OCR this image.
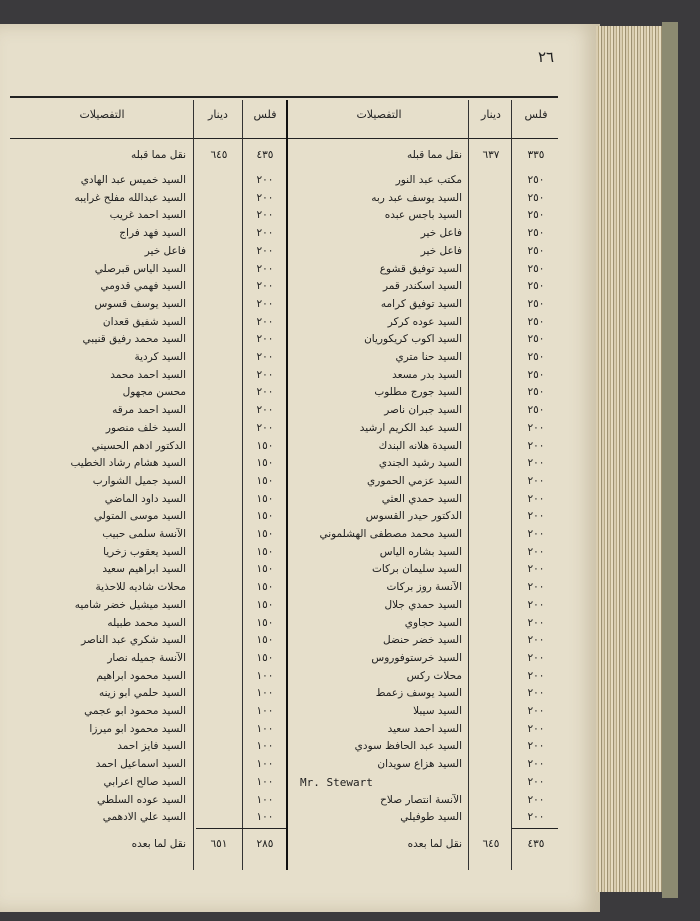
٢٦
فلس
دينار
التفصيلات
فلس
دينار
التفصيلات
٣٣٥
٦٣٧
نقل مما قبله
٤٣٥
٦٤٥
نقل مما قبله
٢٥٠
مكتب عبد النور
٢٥٠
السيد يوسف عبد ربه
٢٥٠
السيد باجس عبده
٢٥٠
فاعل خير
٢٥٠
فاعل خير
٢٥٠
السيد توفيق قشوع
٢٥٠
السيد اسكندر قمر
٢٥٠
السيد توفيق كرامه
٢٥٠
السيد عوده كركر
٢٥٠
السيد اكوب كريكوريان
٢٥٠
السيد حنا متري
٢٥٠
السيد بدر مسعد
٢٥٠
السيد جورج مطلوب
٢٥٠
السيد جبران ناصر
٢٠٠
السيد عبد الكريم ارشيد
٢٠٠
السيدة هلانه البندك
٢٠٠
السيد رشيد الجندي
٢٠٠
السيد عزمي الحموري
٢٠٠
السيد حمدي العثي
٢٠٠
الدكتور حيدر القسوس
٢٠٠
السيد محمد مصطفى الهشلموني
٢٠٠
السيد بشاره الياس
٢٠٠
السيد سليمان بركات
٢٠٠
الآنسة روز بركات
٢٠٠
السيد حمدي جلال
٢٠٠
السيد حجاوي
٢٠٠
السيد خضر حنضل
٢٠٠
السيد خرستوفوروس
٢٠٠
محلات ركس
٢٠٠
السيد يوسف زعمط
٢٠٠
السيد سيبلا
٢٠٠
السيد احمد سعيد
٢٠٠
السيد عبد الحافظ سودي
٢٠٠
السيد هزاع سويدان
٢٠٠
Mr. Stewart
٢٠٠
الآنسة انتصار صلاح
٢٠٠
السيد طوفيلي
٢٠٠
السيد خميس عبد الهادي
٢٠٠
السيد عبدالله مفلح غرايبه
٢٠٠
السيد احمد غريب
٢٠٠
السيد فهد فراج
٢٠٠
فاعل خير
٢٠٠
السيد الياس قبرصلي
٢٠٠
السيد فهمي قدومي
٢٠٠
السيد يوسف قسوس
٢٠٠
السيد شفيق قعدان
٢٠٠
السيد محمد رفيق قنيبي
٢٠٠
السيد كردية
٢٠٠
السيد احمد محمد
٢٠٠
محسن مجهول
٢٠٠
السيد احمد مرقه
٢٠٠
السيد خلف منصور
١٥٠
الدكتور ادهم الحسيني
١٥٠
السيد هشام رشاد الخطيب
١٥٠
السيد جميل الشوارب
١٥٠
السيد داود الماضي
١٥٠
السيد موسى المتولي
١٥٠
الآنسة سلمى حبيب
١٥٠
السيد يعقوب زخريا
١٥٠
السيد ابراهيم سعيد
١٥٠
محلات شاديه للاحذية
١٥٠
السيد ميشيل خضر شاميه
١٥٠
السيد محمد طبيله
١٥٠
السيد شكري عبد الناصر
١٥٠
الآنسة جميله نصار
١٠٠
السيد محمود ابراهيم
١٠٠
السيد حلمي ابو زينه
١٠٠
السيد محمود ابو عجمي
١٠٠
السيد محمود ابو ميرزا
١٠٠
السيد فايز احمد
١٠٠
السيد اسماعيل احمد
١٠٠
السيد صالح اعرابي
١٠٠
السيد عوده السلطي
١٠٠
السيد علي الادهمي
٤٣٥
٦٤٥
نقل لما بعده
٢٨٥
٦٥١
نقل لما بعده
